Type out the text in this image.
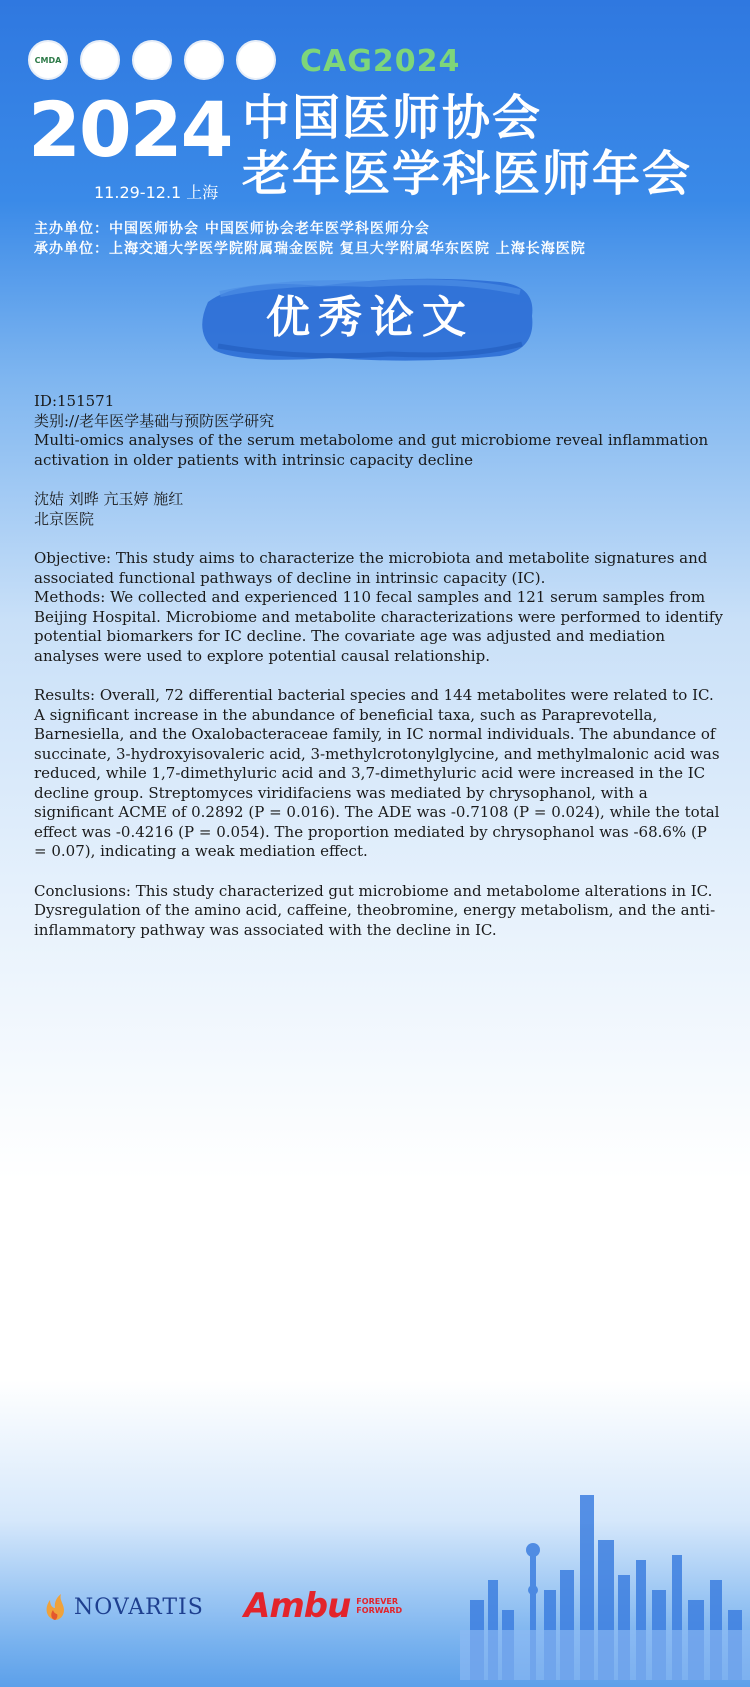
CMDA	CAG2024
2024
11.29-12.1 上海
中国医师协会
老年医学科医师年会
主办单位：中国医师协会 中国医师协会老年医学科医师分会
承办单位：上海交通大学医学院附属瑞金医院 复旦大学附属华东医院 上海长海医院
优秀论文

ID:151571

类别://老年医学基础与预防医学研究

Multi-omics analyses of the serum metabolome and gut microbiome reveal inflammation activation in older patients with intrinsic capacity decline

沈姞 刘晔 亢玉婷 施红

北京医院

Objective: This study aims to characterize the microbiota and metabolite signatures and associated functional pathways of decline in intrinsic capacity (IC).

Methods: We collected and experienced 110 fecal samples and 121 serum samples from Beijing Hospital. Microbiome and metabolite characterizations were performed to identify potential biomarkers for IC decline. The covariate age was adjusted and mediation analyses were used to explore potential causal relationship.

Results: Overall, 72 differential bacterial species and 144 metabolites were related to IC. A significant increase in the abundance of beneficial taxa, such as Paraprevotella, Barnesiella, and the Oxalobacteraceae family, in IC normal individuals. The abundance of succinate, 3-hydroxyisovaleric acid, 3-methylcrotonylglycine, and methylmalonic acid was reduced, while 1,7-dimethyluric acid and 3,7-dimethyluric acid were increased in the IC decline group. Streptomyces viridifaciens was mediated by chrysophanol, with a significant ACME of 0.2892 (P = 0.016). The ADE was -0.7108 (P = 0.024), while the total effect was -0.4216 (P = 0.054). The proportion mediated by chrysophanol was -68.6% (P = 0.07), indicating a weak mediation effect.

Conclusions: This study characterized gut microbiome and metabolome alterations in IC. Dysregulation of the amino acid, caffeine, theobromine, energy metabolism, and the anti-inflammatory pathway was associated with the decline in IC.

NOVARTIS Ambu FOREVER
FORWARD
